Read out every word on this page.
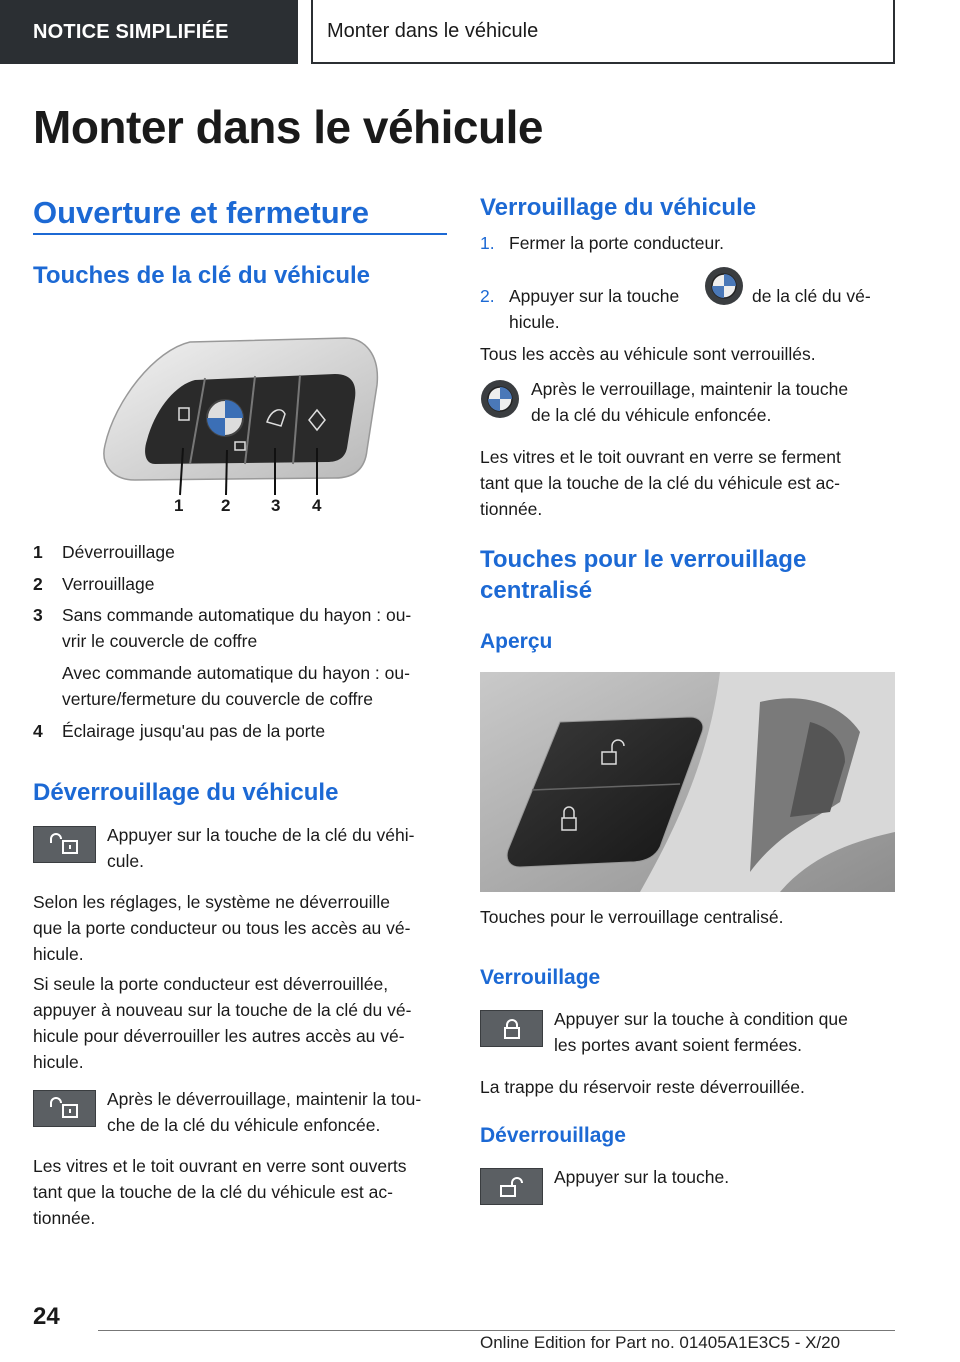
NOTICE SIMPLIFIÉE	Monter dans le véhicule
Monter dans le véhicule
Ouverture et fermeture
Touches de la clé du véhicule
1 2 3 4
1 Déverrouillage
2 Verrouillage
3 Sans commande automatique du hayon : ou-
vrir le couvercle de coffre
Avec commande automatique du hayon : ou-
verture/fermeture du couvercle de coffre
4 Éclairage jusqu'au pas de la porte
Déverrouillage du véhicule
Appuyer sur la touche de la clé du véhi-
cule.
Selon les réglages, le système ne déverrouille
que la porte conducteur ou tous les accès au vé-
hicule.
Si seule la porte conducteur est déverrouillée,
appuyer à nouveau sur la touche de la clé du vé-
hicule pour déverrouiller les autres accès au vé-
hicule.
Après le déverrouillage, maintenir la tou-
che de la clé du véhicule enfoncée.
Les vitres et le toit ouvrant en verre sont ouverts
tant que la touche de la clé du véhicule est ac-
tionnée.
Verrouillage du véhicule
1. Fermer la porte conducteur.
2. Appuyer sur la touche	de la clé du vé-
hicule.
Tous les accès au véhicule sont verrouillés.
Après le verrouillage, maintenir la touche
de la clé du véhicule enfoncée.
Les vitres et le toit ouvrant en verre se ferment
tant que la touche de la clé du véhicule est ac-
tionnée.
Touches pour le verrouillage
centralisé
Aperçu
Touches pour le verrouillage centralisé.
Verrouillage
Appuyer sur la touche à condition que
les portes avant soient fermées.
La trappe du réservoir reste déverrouillée.
Déverrouillage
Appuyer sur la touche.
24
Online Edition for Part no. 01405A1E3C5 - X/20
